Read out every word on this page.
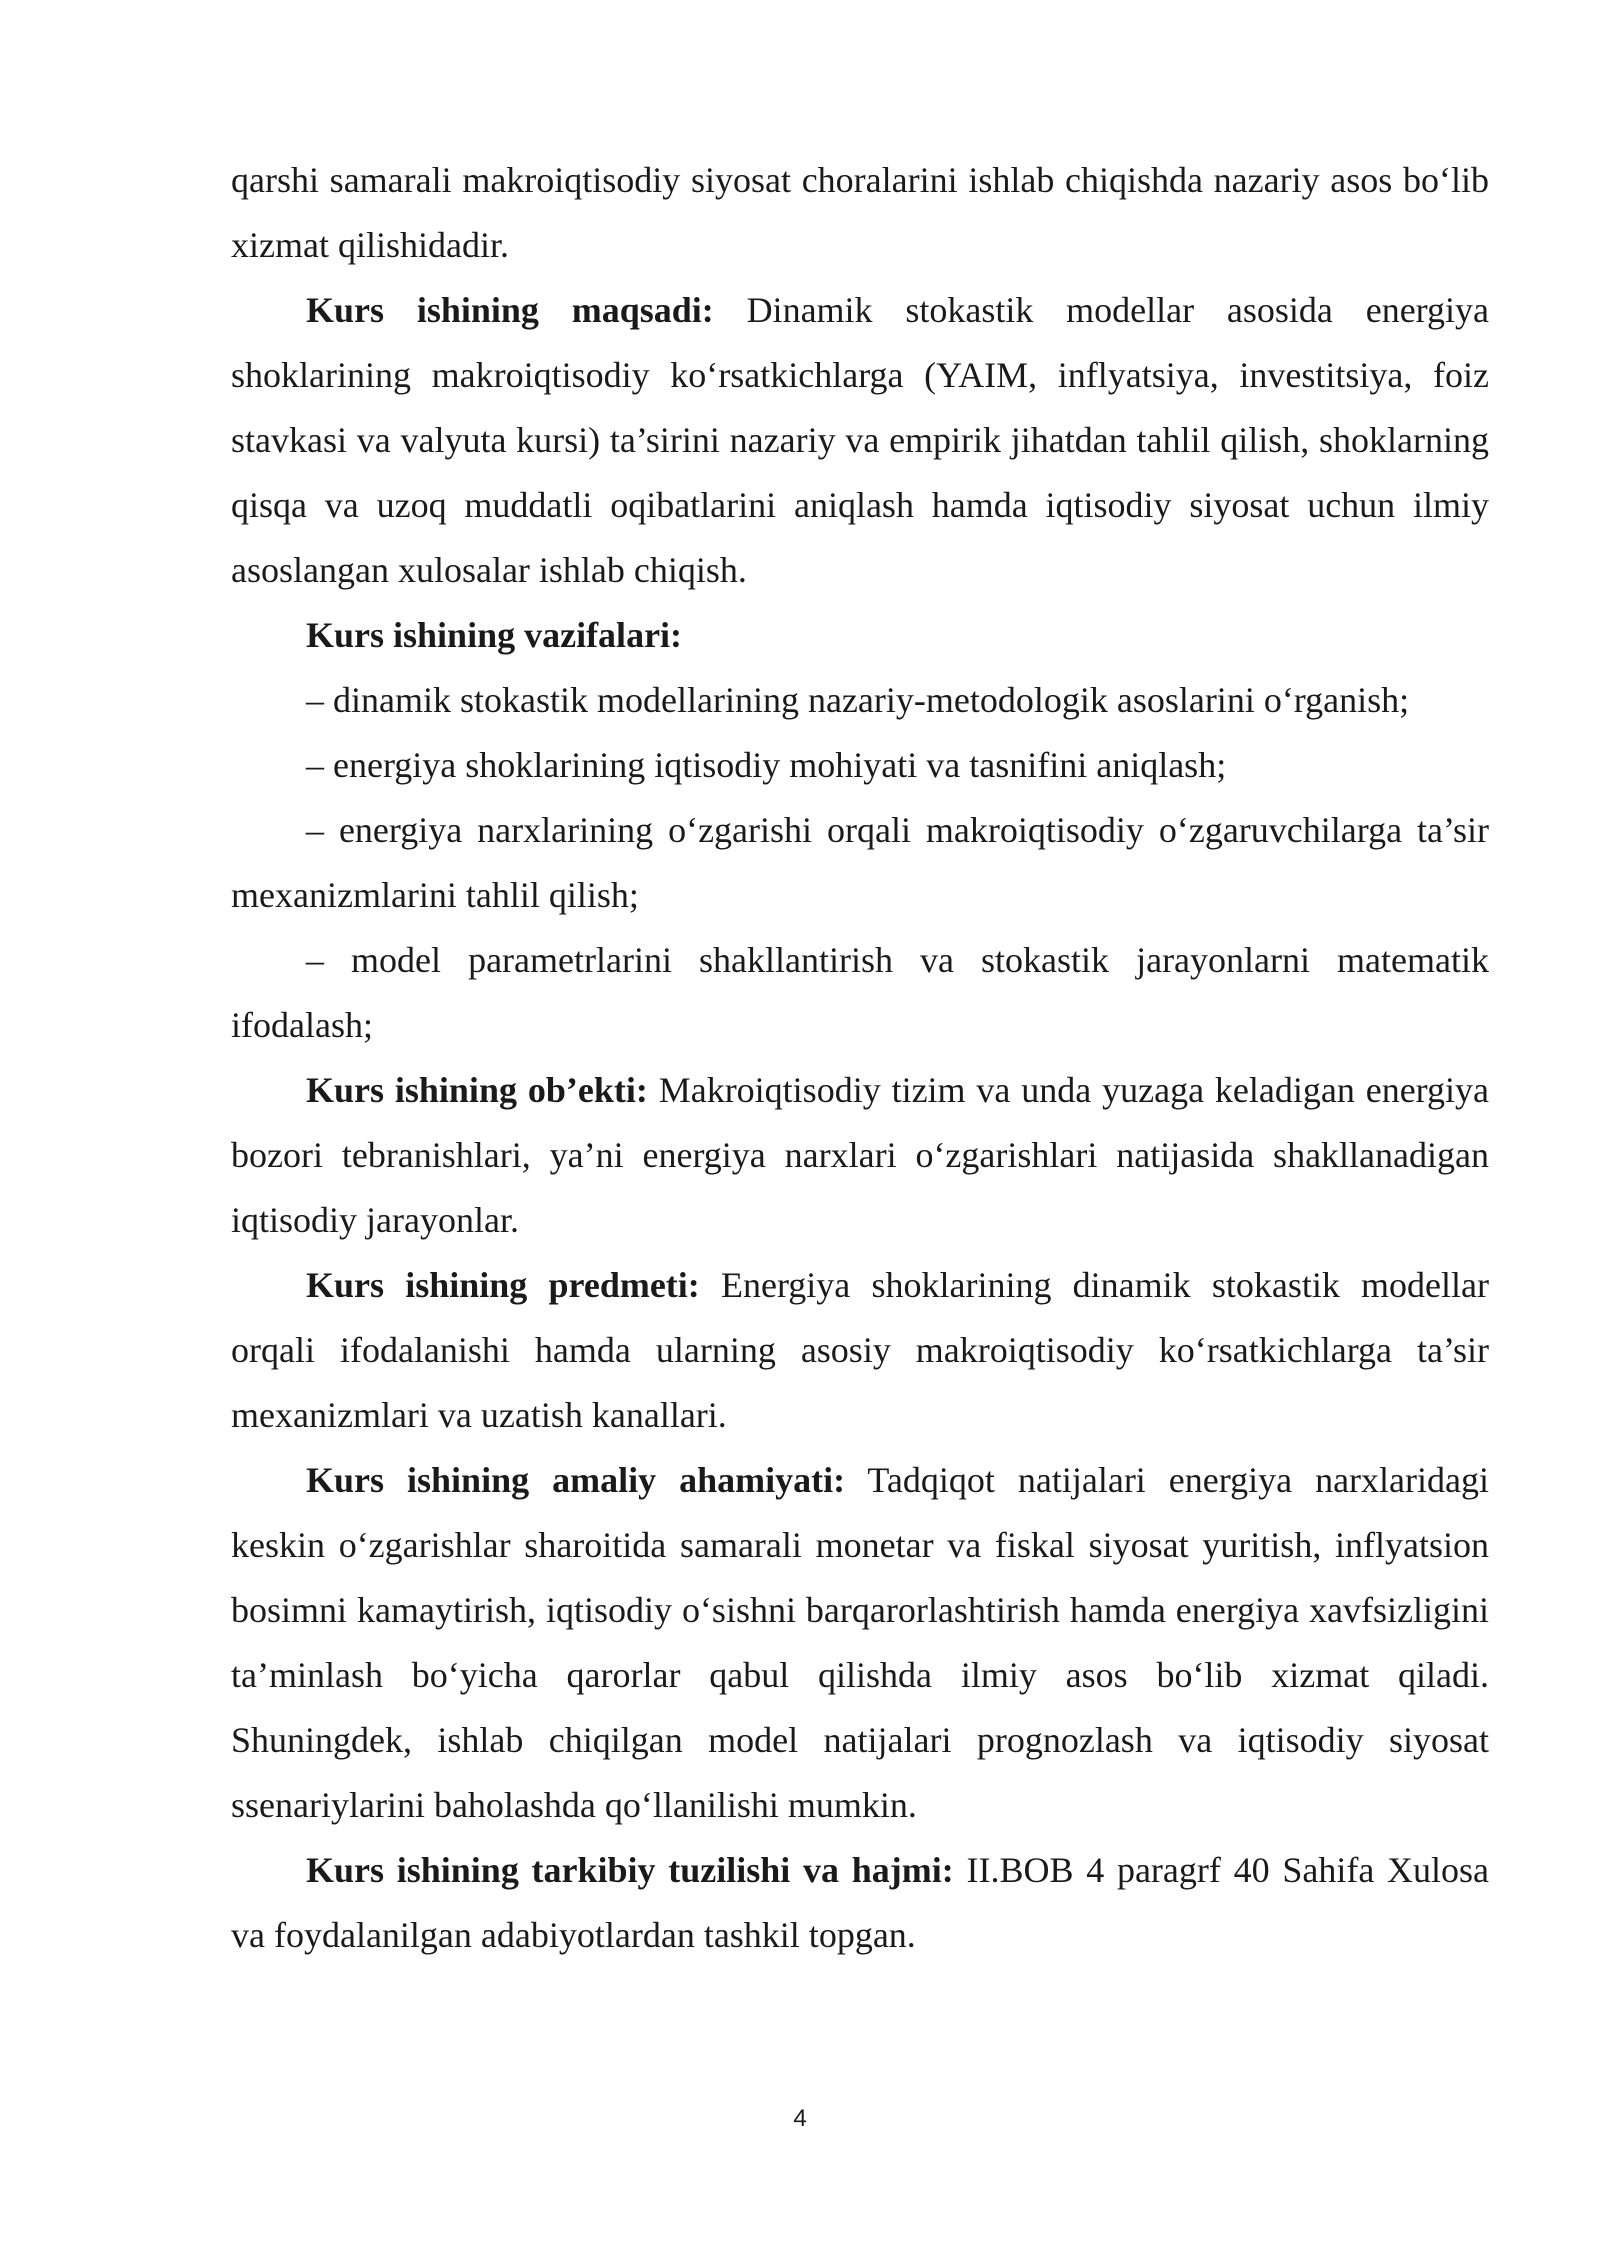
qarshi samarali makroiqtisodiy siyosat choralarini ishlab chiqishda nazariy asos bo‘lib xizmat qilishidadir.

Kurs ishining maqsadi: Dinamik stokastik modellar asosida energiya shoklarining makroiqtisodiy ko‘rsatkichlarga (YAIM, inflyatsiya, investitsiya, foiz stavkasi va valyuta kursi) ta’sirini nazariy va empirik jihatdan tahlil qilish, shoklarning qisqa va uzoq muddatli oqibatlarini aniqlash hamda iqtisodiy siyosat uchun ilmiy asoslangan xulosalar ishlab chiqish.

Kurs ishining vazifalari:

– dinamik stokastik modellarining nazariy-metodologik asoslarini o‘rganish;

– energiya shoklarining iqtisodiy mohiyati va tasnifini aniqlash;

– energiya narxlarining o‘zgarishi orqali makroiqtisodiy o‘zgaruvchilarga ta’sir mexanizmlarini tahlil qilish;

– model parametrlarini shakllantirish va stokastik jarayonlarni matematik ifodalash;

Kurs ishining ob’ekti: Makroiqtisodiy tizim va unda yuzaga keladigan energiya bozori tebranishlari, ya’ni energiya narxlari o‘zgarishlari natijasida shakllanadigan iqtisodiy jarayonlar.

Kurs ishining predmeti: Energiya shoklarining dinamik stokastik modellar orqali ifodalanishi hamda ularning asosiy makroiqtisodiy ko‘rsatkichlarga ta’sir mexanizmlari va uzatish kanallari.

Kurs ishining amaliy ahamiyati: Tadqiqot natijalari energiya narxlaridagi keskin o‘zgarishlar sharoitida samarali monetar va fiskal siyosat yuritish, inflyatsion bosimni kamaytirish, iqtisodiy o‘sishni barqarorlashtirish hamda energiya xavfsizligini ta’minlash bo‘yicha qarorlar qabul qilishda ilmiy asos bo‘lib xizmat qiladi. Shuningdek, ishlab chiqilgan model natijalari prognozlash va iqtisodiy siyosat ssenariylarini baholashda qo‘llanilishi mumkin.

Kurs ishining tarkibiy tuzilishi va hajmi: II.BOB 4 paragrf 40 Sahifa Xulosa va foydalanilgan adabiyotlardan tashkil topgan.

4
